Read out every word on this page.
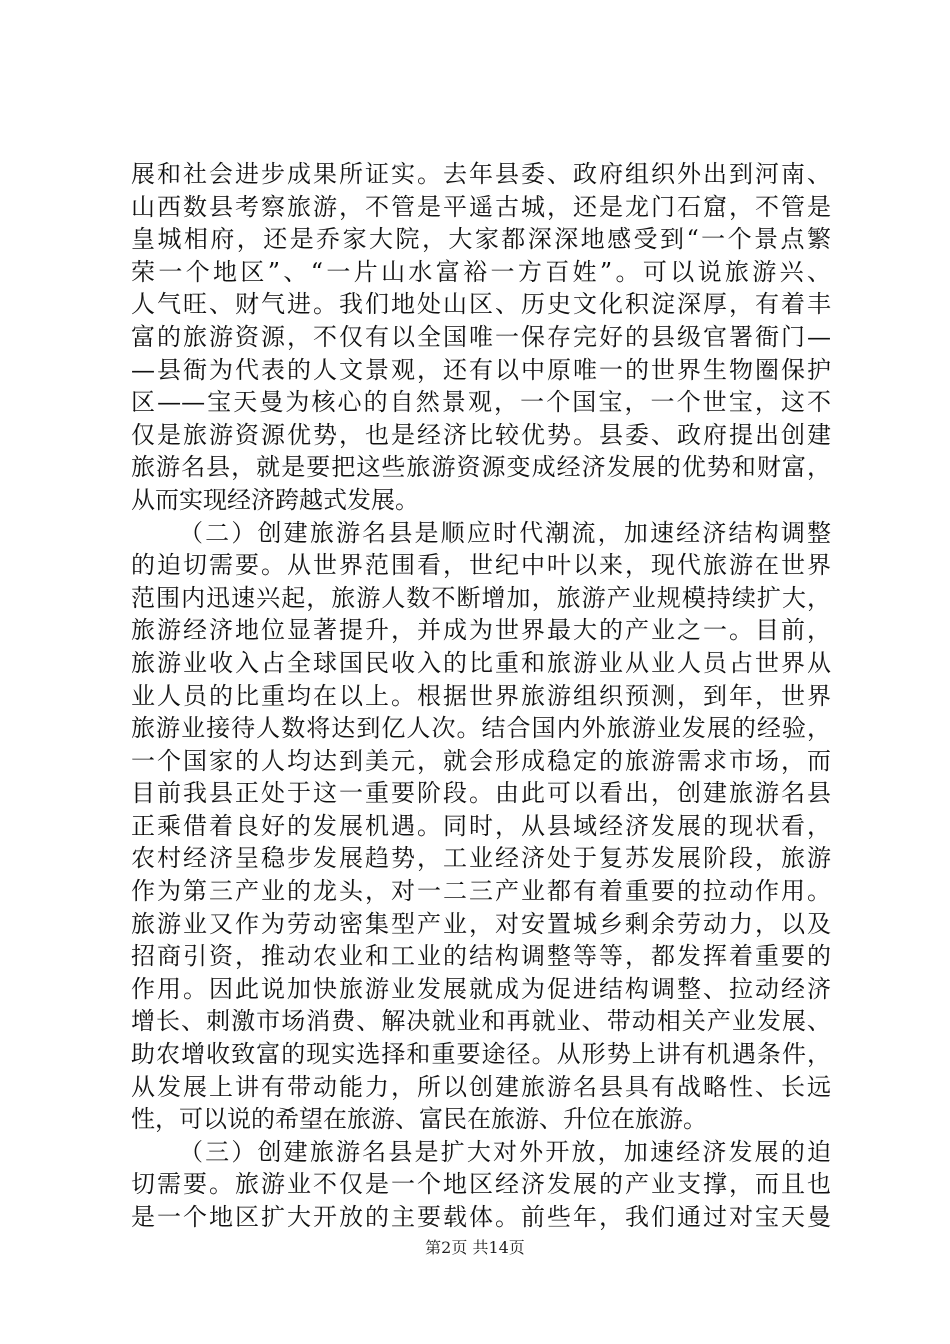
展和社会进步成果所证实。去年县委、政府组织外出到河南、
山西数县考察旅游，不管是平遥古城，还是龙门石窟，不管是
皇城相府，还是乔家大院，大家都深深地感受到“一个景点繁
荣一个地区”、“一片山水富裕一方百姓”。可以说旅游兴、
人气旺、财气进。我们地处山区、历史文化积淀深厚，有着丰
富的旅游资源，不仅有以全国唯一保存完好的县级官署衙门—
—县衙为代表的人文景观，还有以中原唯一的世界生物圈保护
区——宝天曼为核心的自然景观，一个国宝，一个世宝，这不
仅是旅游资源优势，也是经济比较优势。县委、政府提出创建
旅游名县，就是要把这些旅游资源变成经济发展的优势和财富，
从而实现经济跨越式发展。
（二）创建旅游名县是顺应时代潮流，加速经济结构调整
的迫切需要。从世界范围看，世纪中叶以来，现代旅游在世界
范围内迅速兴起，旅游人数不断增加，旅游产业规模持续扩大，
旅游经济地位显著提升，并成为世界最大的产业之一。目前，
旅游业收入占全球国民收入的比重和旅游业从业人员占世界从
业人员的比重均在以上。根据世界旅游组织预测，到年，世界
旅游业接待人数将达到亿人次。结合国内外旅游业发展的经验，
一个国家的人均达到美元，就会形成稳定的旅游需求市场，而
目前我县正处于这一重要阶段。由此可以看出，创建旅游名县
正乘借着良好的发展机遇。同时，从县域经济发展的现状看，
农村经济呈稳步发展趋势，工业经济处于复苏发展阶段，旅游
作为第三产业的龙头，对一二三产业都有着重要的拉动作用。
旅游业又作为劳动密集型产业，对安置城乡剩余劳动力，以及
招商引资，推动农业和工业的结构调整等等，都发挥着重要的
作用。因此说加快旅游业发展就成为促进结构调整、拉动经济
增长、刺激市场消费、解决就业和再就业、带动相关产业发展、
助农增收致富的现实选择和重要途径。从形势上讲有机遇条件，
从发展上讲有带动能力，所以创建旅游名县具有战略性、长远
性，可以说的希望在旅游、富民在旅游、升位在旅游。
（三）创建旅游名县是扩大对外开放，加速经济发展的迫
切需要。旅游业不仅是一个地区经济发展的产业支撑，而且也
是一个地区扩大开放的主要载体。前些年，我们通过对宝天曼
第2页 共14页
